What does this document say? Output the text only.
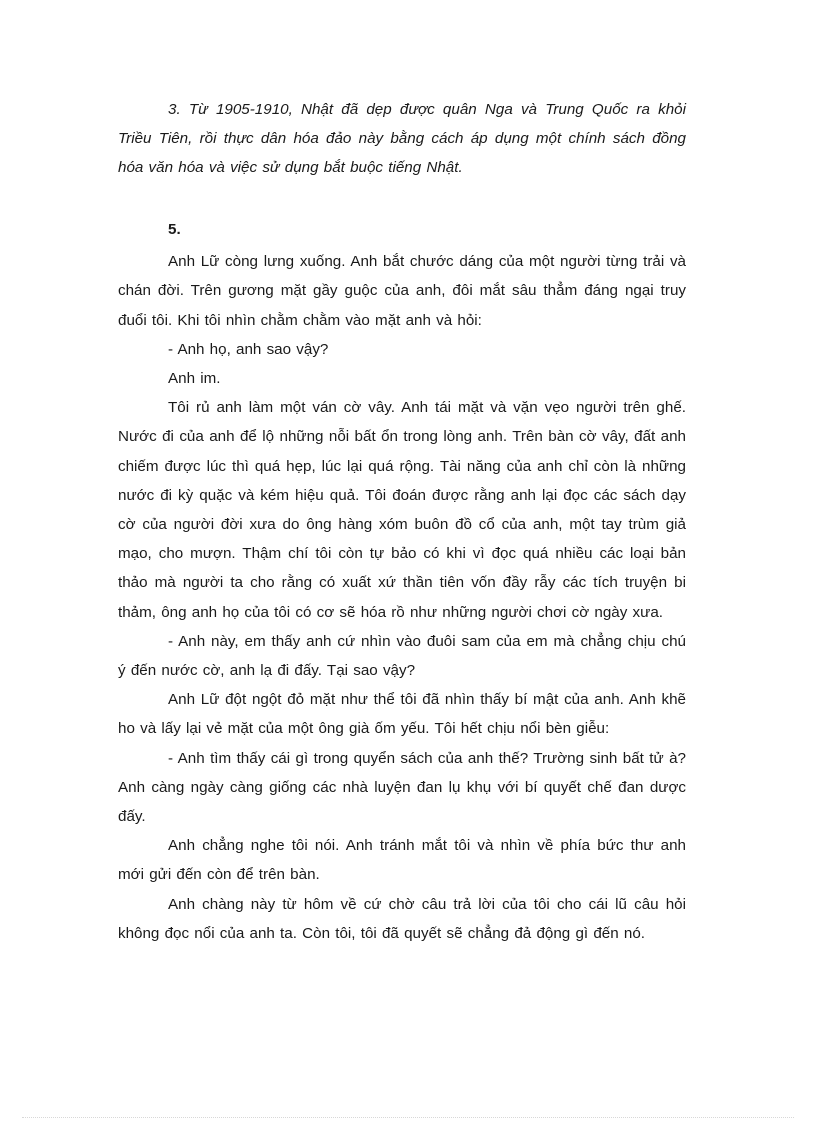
3. Từ 1905-1910, Nhật đã dẹp được quân Nga và Trung Quốc ra khỏi Triều Tiên, rồi thực dân hóa đảo này bằng cách áp dụng một chính sách đồng hóa văn hóa và việc sử dụng bắt buộc tiếng Nhật.

5.

Anh Lữ còng lưng xuống. Anh bắt chước dáng của một người từng trải và chán đời. Trên gương mặt gầy guộc của anh, đôi mắt sâu thẳm đáng ngại truy đuổi tôi. Khi tôi nhìn chằm chằm vào mặt anh và hỏi:

- Anh họ, anh sao vậy?

Anh im.

Tôi rủ anh làm một ván cờ vây. Anh tái mặt và vặn vẹo người trên ghế. Nước đi của anh để lộ những nỗi bất ổn trong lòng anh. Trên bàn cờ vây, đất anh chiếm được lúc thì quá hẹp, lúc lại quá rộng. Tài năng của anh chỉ còn là những nước đi kỳ quặc và kém hiệu quả. Tôi đoán được rằng anh lại đọc các sách dạy cờ của người đời xưa do ông hàng xóm buôn đồ cổ của anh, một tay trùm giả mạo, cho mượn. Thậm chí tôi còn tự bảo có khi vì đọc quá nhiều các loại bản thảo mà người ta cho rằng có xuất xứ thần tiên vốn đầy rẫy các tích truyện bi thảm, ông anh họ của tôi có cơ sẽ hóa rồ như những người chơi cờ ngày xưa.

- Anh này, em thấy anh cứ nhìn vào đuôi sam của em mà chẳng chịu chú ý đến nước cờ, anh lạ đi đấy. Tại sao vậy?

Anh Lữ đột ngột đỏ mặt như thể tôi đã nhìn thấy bí mật của anh. Anh khẽ ho và lấy lại vẻ mặt của một ông già ốm yếu. Tôi hết chịu nổi bèn giễu:

- Anh tìm thấy cái gì trong quyển sách của anh thế? Trường sinh bất tử à? Anh càng ngày càng giống các nhà luyện đan lụ khụ với bí quyết chế đan dược đấy.

Anh chẳng nghe tôi nói. Anh tránh mắt tôi và nhìn về phía bức thư anh mới gửi đến còn để trên bàn.

Anh chàng này từ hôm về cứ chờ câu trả lời của tôi cho cái lũ câu hỏi không đọc nổi của anh ta. Còn tôi, tôi đã quyết sẽ chẳng đả động gì đến nó.
